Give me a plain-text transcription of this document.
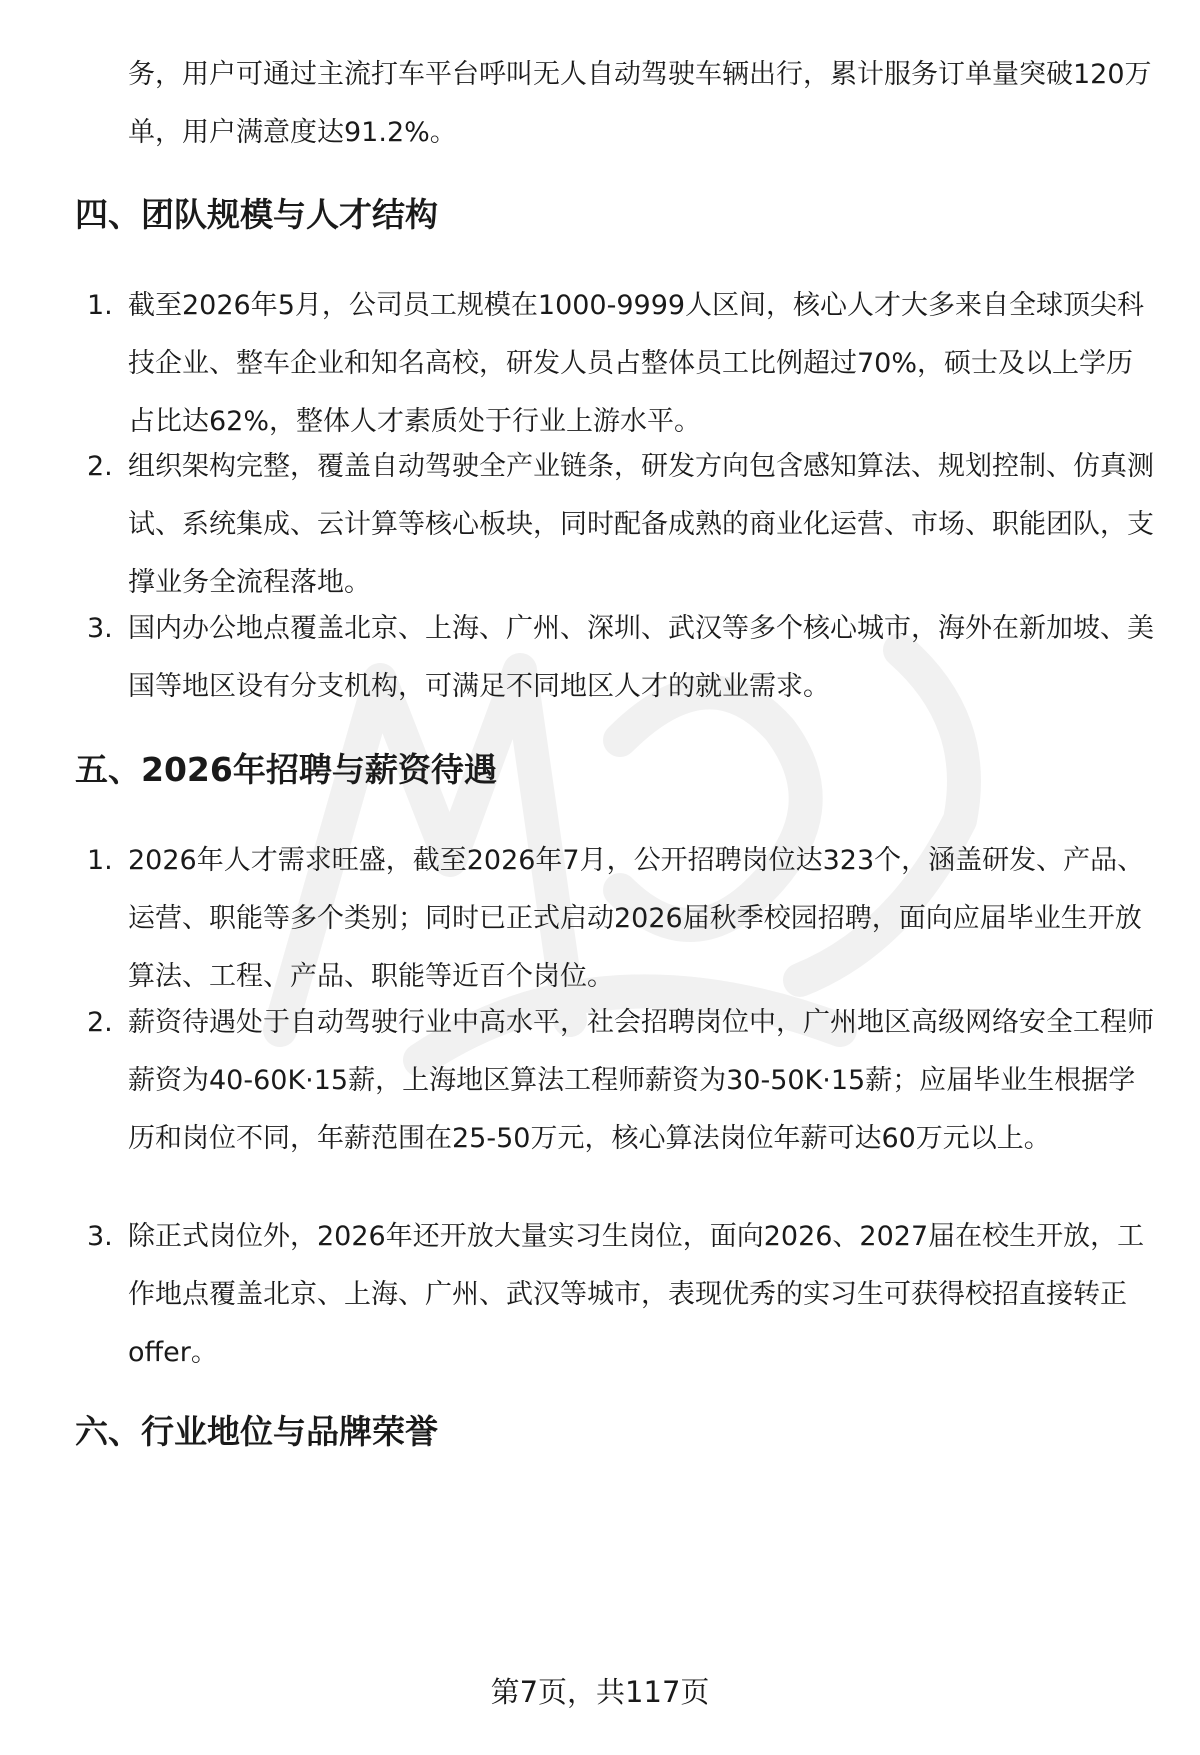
务，用户可通过主流打车平台呼叫无人自动驾驶车辆出行，累计服务订单量突破120万单，用户满意度达91.2%。

四、团队规模与人才结构
1. 截至2026年5月，公司员工规模在1000-9999人区间，核心人才大多来自全球顶尖科技企业、整车企业和知名高校，研发人员占整体员工比例超过70%，硕士及以上学历占比达62%，整体人才素质处于行业上游水平。

2. 组织架构完整，覆盖自动驾驶全产业链条，研发方向包含感知算法、规划控制、仿真测试、系统集成、云计算等核心板块，同时配备成熟的商业化运营、市场、职能团队，支撑业务全流程落地。

3. 国内办公地点覆盖北京、上海、广州、深圳、武汉等多个核心城市，海外在新加坡、美国等地区设有分支机构，可满足不同地区人才的就业需求。

五、2026年招聘与薪资待遇
1. 2026年人才需求旺盛，截至2026年7月，公开招聘岗位达323个，涵盖研发、产品、运营、职能等多个类别；同时已正式启动2026届秋季校园招聘，面向应届毕业生开放算法、工程、产品、职能等近百个岗位。

2. 薪资待遇处于自动驾驶行业中高水平，社会招聘岗位中，广州地区高级网络安全工程师薪资为40-60K·15薪，上海地区算法工程师薪资为30-50K·15薪；应届毕业生根据学历和岗位不同，年薪范围在25-50万元，核心算法岗位年薪可达60万元以上。

3. 除正式岗位外，2026年还开放大量实习生岗位，面向2026、2027届在校生开放，工作地点覆盖北京、上海、广州、武汉等城市，表现优秀的实习生可获得校招直接转正offer。

六、行业地位与品牌荣誉
第7页，共117页
